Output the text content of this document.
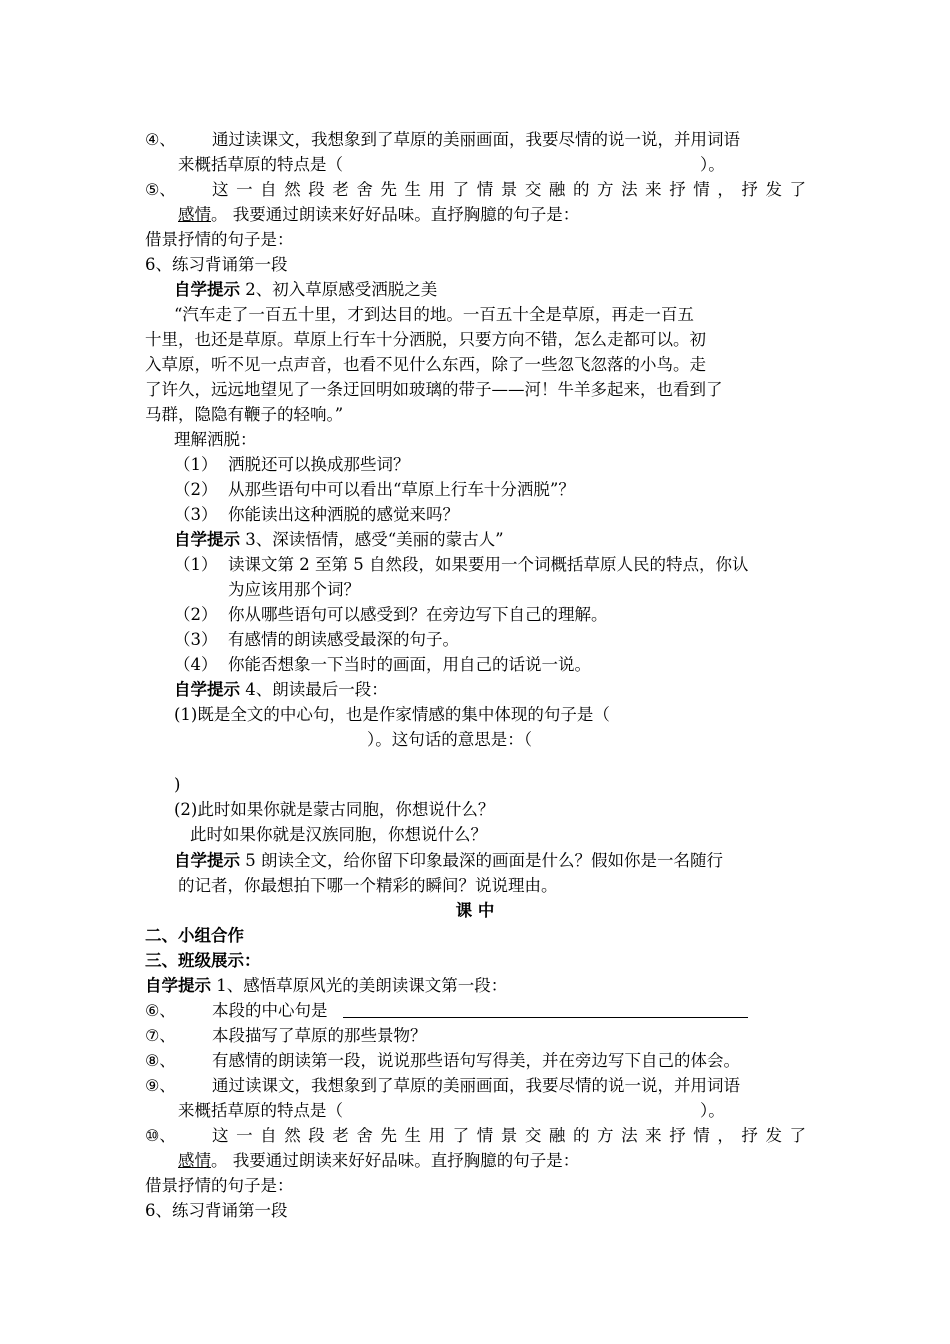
④、 通过读课文，我想象到了草原的美丽画面，我要尽情的说一说，并用词语
来概括草原的特点是（	）。
⑤、 这一自然段老舍先生用了情景交融的方法来抒情，抒发了
感情。 我要通过朗读来好好品味。直抒胸臆的句子是：
借景抒情的句子是：
6、练习背诵第一段
自学提示 2、初入草原感受洒脱之美
“汽车走了一百五十里，才到达目的地。一百五十全是草原，再走一百五
十里，也还是草原。草原上行车十分洒脱，只要方向不错，怎么走都可以。初
入草原，听不见一点声音，也看不见什么东西，除了一些忽飞忽落的小鸟。走
了许久，远远地望见了一条迂回明如玻璃的带子——河！牛羊多起来，也看到了
马群，隐隐有鞭子的轻响。”
理解洒脱：
（1） 洒脱还可以换成那些词？
（2） 从那些语句中可以看出“草原上行车十分洒脱”？
（3） 你能读出这种洒脱的感觉来吗？
自学提示 3、深读悟情，感受“美丽的蒙古人”
（1） 读课文第 2 至第 5 自然段，如果要用一个词概括草原人民的特点，你认
为应该用那个词？
（2） 你从哪些语句可以感受到？在旁边写下自己的理解。
（3） 有感情的朗读感受最深的句子。
（4） 你能否想象一下当时的画面，用自己的话说一说。
自学提示 4、朗读最后一段：
(1)既是全文的中心句，也是作家情感的集中体现的句子是（
）。这句话的意思是：（
)
(2)此时如果你就是蒙古同胞，你想说什么？
此时如果你就是汉族同胞，你想说什么？
自学提示 5 朗读全文，给你留下印象最深的画面是什么？假如你是一名随行
的记者，你最想拍下哪一个精彩的瞬间？说说理由。
课 中
二、小组合作
三、班级展示：
自学提示 1、感悟草原风光的美朗读课文第一段：
⑥、 本段的中心句是
⑦、 本段描写了草原的那些景物？
⑧、 有感情的朗读第一段，说说那些语句写得美，并在旁边写下自己的体会。
⑨、 通过读课文，我想象到了草原的美丽画面，我要尽情的说一说，并用词语
来概括草原的特点是（	）。
⑩、 这一自然段老舍先生用了情景交融的方法来抒情，抒发了
感情。 我要通过朗读来好好品味。直抒胸臆的句子是：
借景抒情的句子是：
6、练习背诵第一段
